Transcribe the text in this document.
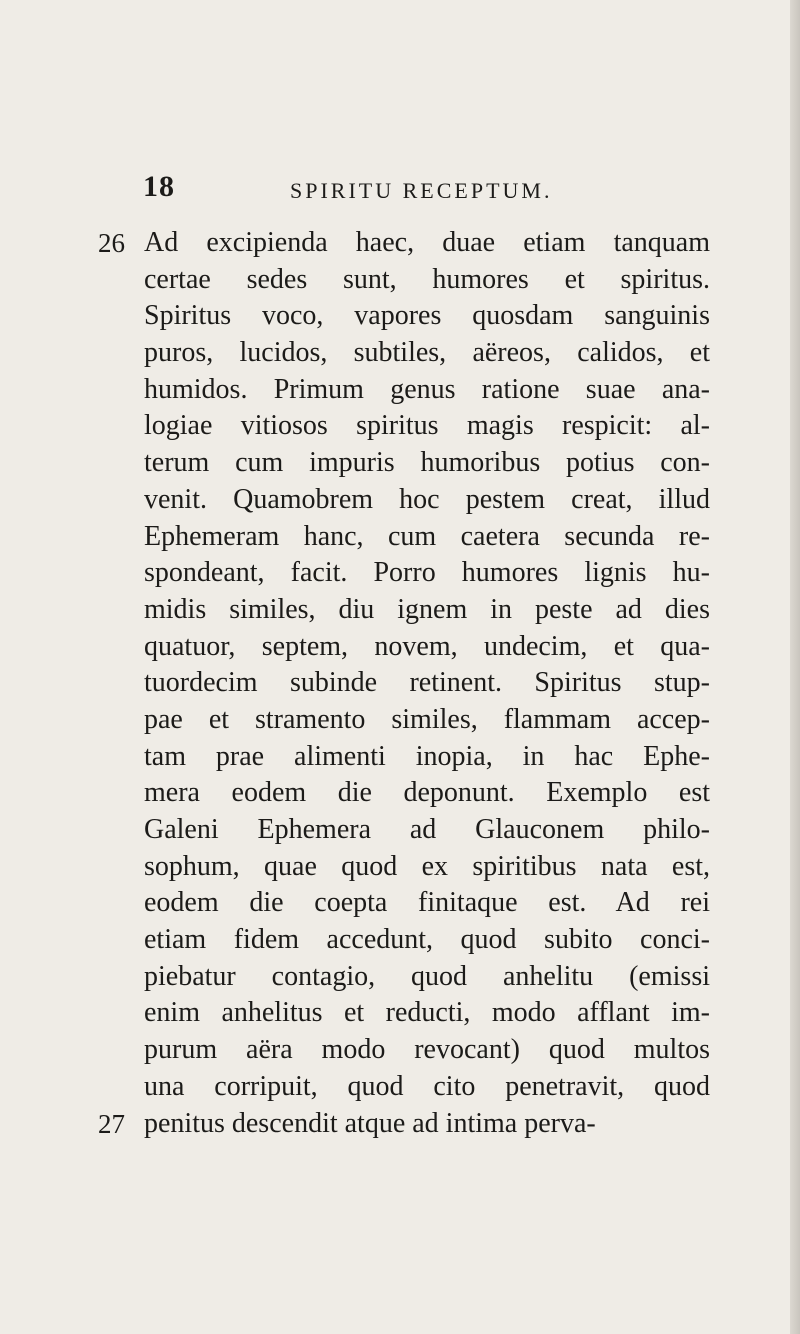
18	SPIRITU RECEPTUM.
26 Ad excipienda haec, duae etiam tanquam
certae sedes sunt, humores et spiritus.
Spiritus voco, vapores quosdam sanguinis
puros, lucidos, subtiles, aëreos, calidos, et
humidos. Primum genus ratione suae ana-
logiae vitiosos spiritus magis respicit: al-
terum cum impuris humoribus potius con-
venit. Quamobrem hoc pestem creat, illud
Ephemeram hanc, cum caetera secunda re-
spondeant, facit. Porro humores lignis hu-
midis similes, diu ignem in peste ad dies
quatuor, septem, novem, undecim, et qua-
tuordecim subinde retinent. Spiritus stup-
pae et stramento similes, flammam accep-
tam prae alimenti inopia, in hac Ephe-
mera eodem die deponunt. Exemplo est
Galeni Ephemera ad Glauconem philo-
sophum, quae quod ex spiritibus nata est,
eodem die coepta finitaque est. Ad rei
etiam fidem accedunt, quod subito conci-
piebatur contagio, quod anhelitu (emissi
enim anhelitus et reducti, modo afflant im-
purum aëra modo revocant) quod multos
una corripuit, quod cito penetravit, quod
27 penitus descendit atque ad intima perva-
